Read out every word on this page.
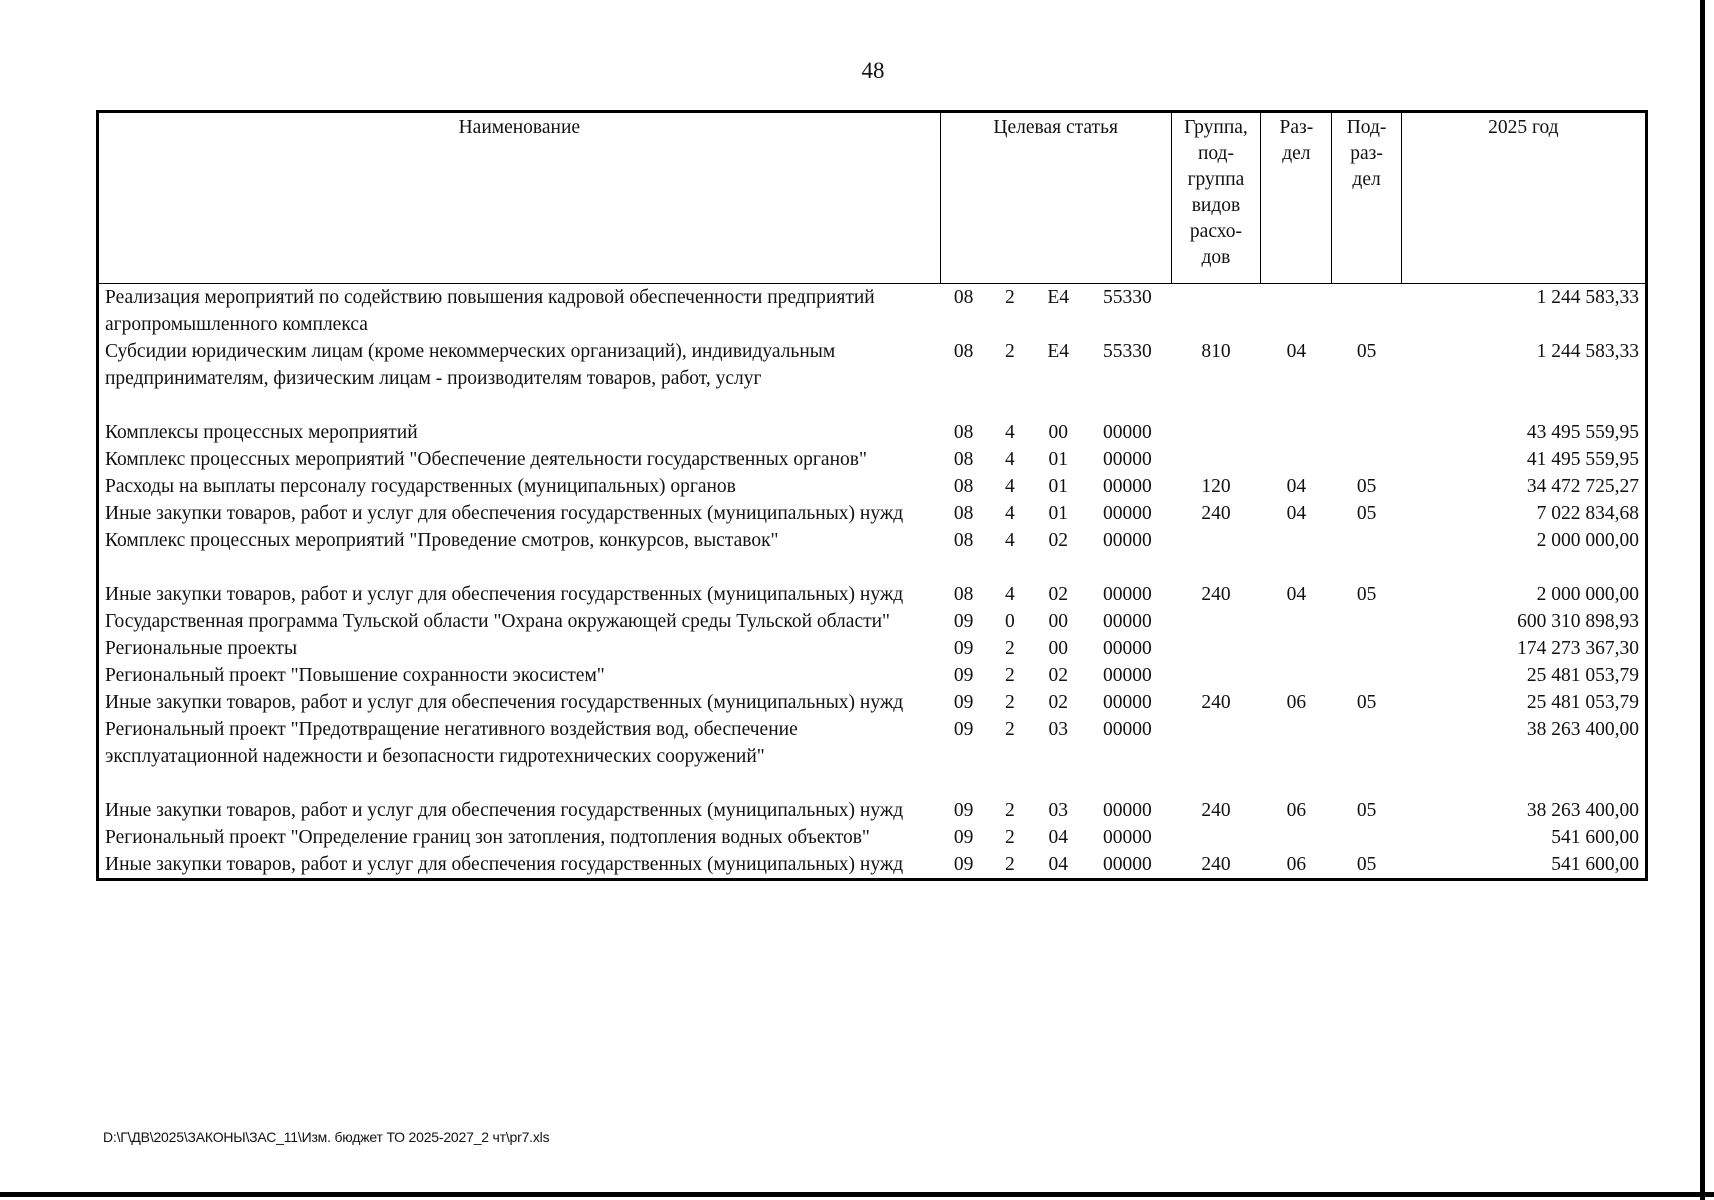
48
Наименование	Целевая статья				Группа, под- группа видов расхо- дов	Раз- дел	Под- раз- дел	2025 год
Реализация мероприятий по содействию повышения кадровой обеспеченности предприятий агропромышленного комплекса	08	2	Е4	55330				1 244 583,33
Субсидии юридическим лицам (кроме некоммерческих организаций), индивидуальным предпринимателям, физическим лицам - производителям товаров, работ, услуг	08	2	Е4	55330	810	04	05	1 244 583,33

Комплексы процессных мероприятий	08	4	00	00000				43 495 559,95
Комплекс процессных мероприятий "Обеспечение деятельности государственных органов"	08	4	01	00000				41 495 559,95
Расходы на выплаты персоналу государственных (муниципальных) органов	08	4	01	00000	120	04	05	34 472 725,27
Иные закупки товаров, работ и услуг для обеспечения государственных (муниципальных) нужд	08	4	01	00000	240	04	05	7 022 834,68
Комплекс процессных мероприятий "Проведение смотров, конкурсов, выставок"	08	4	02	00000				2 000 000,00

Иные закупки товаров, работ и услуг для обеспечения государственных (муниципальных) нужд	08	4	02	00000	240	04	05	2 000 000,00
Государственная программа Тульской области "Охрана окружающей среды Тульской области"	09	0	00	00000				600 310 898,93
Региональные проекты	09	2	00	00000				174 273 367,30
Региональный проект "Повышение сохранности экосистем"	09	2	02	00000				25 481 053,79
Иные закупки товаров, работ и услуг для обеспечения государственных (муниципальных) нужд	09	2	02	00000	240	06	05	25 481 053,79
Региональный проект "Предотвращение негативного воздействия вод, обеспечение эксплуатационной надежности и безопасности гидротехнических сооружений"	09	2	03	00000				38 263 400,00

Иные закупки товаров, работ и услуг для обеспечения государственных (муниципальных) нужд	09	2	03	00000	240	06	05	38 263 400,00
Региональный проект "Определение границ зон затопления, подтопления водных объектов"	09	2	04	00000				541 600,00
Иные закупки товаров, работ и услуг для обеспечения государственных (муниципальных) нужд	09	2	04	00000	240	06	05	541 600,00
D:\Г\ДВ\2025\ЗАКОНЫ\ЗАС_11\Изм. бюджет ТО 2025-2027_2 чт\pr7.xls
